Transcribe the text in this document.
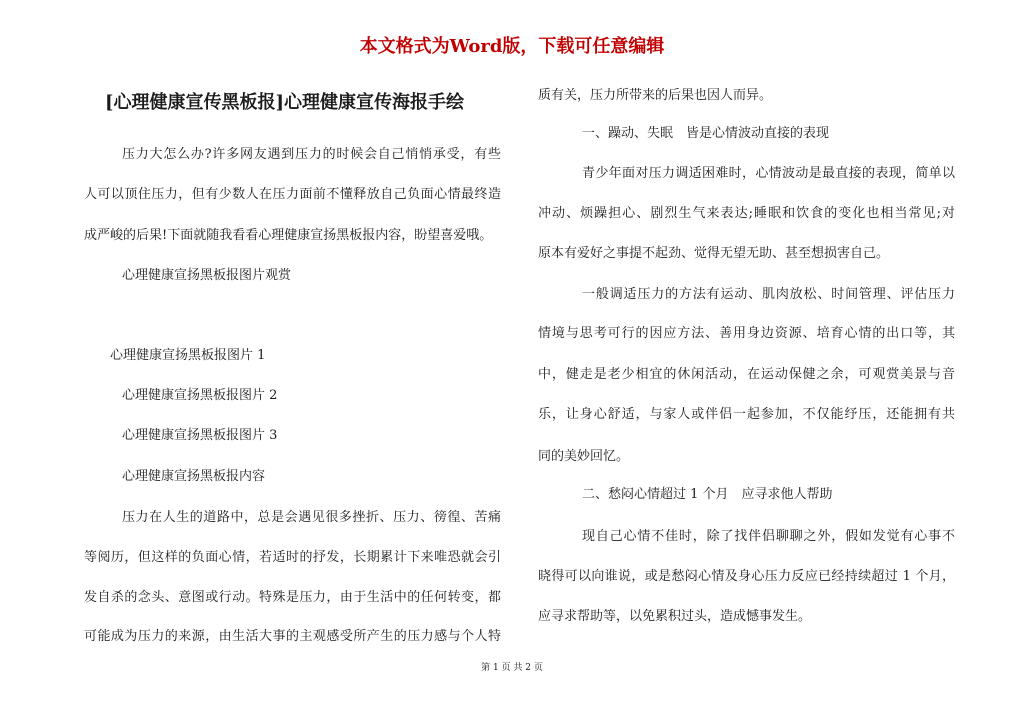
本文格式为Word版，下载可任意编辑
[心理健康宣传黑板报]心理健康宣传海报手绘
压力大怎么办?许多网友遇到压力的时候会自己悄悄承受，有些
人可以顶住压力，但有少数人在压力面前不懂释放自己负面心情最终造
成严峻的后果!下面就随我看看心理健康宣扬黑板报内容，盼望喜爱哦。
心理健康宣扬黑板报图片观赏
心理健康宣扬黑板报图片 1
心理健康宣扬黑板报图片 2
心理健康宣扬黑板报图片 3
心理健康宣扬黑板报内容
压力在人生的道路中，总是会遇见很多挫折、压力、徬徨、苦痛
等阅历，但这样的负面心情，若适时的抒发，长期累计下来唯恐就会引
发自杀的念头、意图或行动。特殊是压力，由于生活中的任何转变，都
可能成为压力的来源，由生活大事的主观感受所产生的压力感与个人特
质有关，压力所带来的后果也因人而异。
一、躁动、失眠　皆是心情波动直接的表现
青少年面对压力调适困难时，心情波动是最直接的表现，简单以
冲动、烦躁担心、剧烈生气来表达;睡眠和饮食的变化也相当常见;对
原本有爱好之事提不起劲、觉得无望无助、甚至想损害自己。
一般调适压力的方法有运动、肌肉放松、时间管理、评估压力
情境与思考可行的因应方法、善用身边资源、培育心情的出口等，其
中，健走是老少相宜的休闲活动，在运动保健之余，可观赏美景与音
乐，让身心舒适，与家人或伴侣一起参加，不仅能纾压，还能拥有共
同的美妙回忆。
二、愁闷心情超过 1 个月　应寻求他人帮助
现自己心情不佳时，除了找伴侣聊聊之外，假如发觉有心事不
晓得可以向谁说，或是愁闷心情及身心压力反应已经持续超过 1 个月，
应寻求帮助等，以免累积过头，造成憾事发生。
第 1 页 共 2 页
